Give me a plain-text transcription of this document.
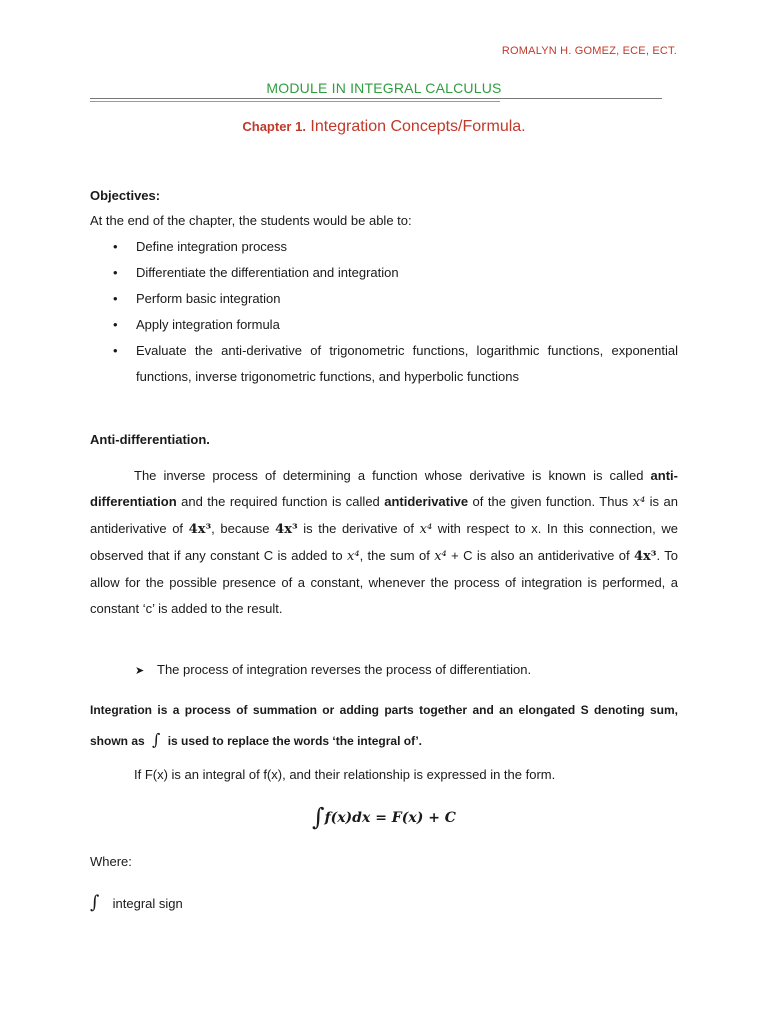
ROMALYN H. GOMEZ, ECE, ECT.
MODULE IN INTEGRAL CALCULUS
Chapter 1. Integration Concepts/Formula.
Objectives:
At the end of the chapter, the students would be able to:
• Define integration process
• Differentiate the differentiation and integration
• Perform basic integration
• Apply integration formula
• Evaluate the anti-derivative of trigonometric functions, logarithmic functions, exponential functions, inverse trigonometric functions, and hyperbolic functions
Anti-differentiation.
The inverse process of determining a function whose derivative is known is called anti-differentiation and the required function is called antiderivative of the given function. Thus x⁴ is an antiderivative of 4x³, because 4x³ is the derivative of x⁴ with respect to x. In this connection, we observed that if any constant C is added to x⁴, the sum of x⁴ + C is also an antiderivative of 4x³. To allow for the possible presence of a constant, whenever the process of integration is performed, a constant ‘c’ is added to the result.
➤ The process of integration reverses the process of differentiation.
Integration is a process of summation or adding parts together and an elongated S denoting sum, shown as ∫ is used to replace the words ‘the integral of’.
If F(x) is an integral of f(x), and their relationship is expressed in the form.
∫f(x)dx = F(x) + C
Where:
∫ integral sign
